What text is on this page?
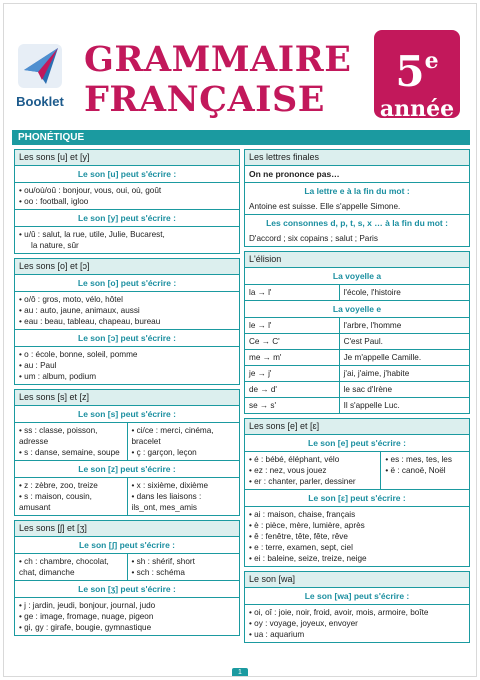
Booklet
GRAMMAIRE
FRANÇAISE
5e
année
PHONÉTIQUE
Les sons [u] et [y]
Le son [u] peut s'écrire :
• ou/où/oû : bonjour, vous, oui, où, goût
• oo : football, igloo
Le son [y] peut s'écrire :
• u/û : salut, la rue, utile, Julie, Bucarest,
la nature, sûr
Les sons [o] et [ɔ]
Le son [o] peut s'écrire :
• o/ô : gros, moto, vélo, hôtel
• au : auto, jaune, animaux, aussi
• eau : beau, tableau, chapeau, bureau
Le son [ɔ] peut s'écrire :
• o : école, bonne, soleil, pomme
• au : Paul
• um : album, podium
Les sons [s] et [z]
Le son [s] peut s'écrire :
• ss : classe, poisson, adresse
• s : danse, semaine, soupe
• ci/ce : merci, cinéma, bracelet
• ç : garçon, leçon
Le son [z] peut s'écrire :
• z : zèbre, zoo, treize
• s : maison, cousin, amusant
• x : sixième, dixième
• dans les liaisons :
ils_ont, mes_amis
Les sons [ʃ] et [ʒ]
Le son [ʃ] peut s'écrire :
• ch : chambre, chocolat, chat, dimanche
• sh : shérif, short
• sch : schéma
Le son [ʒ] peut s'écrire :
• j : jardin, jeudi, bonjour, journal, judo
• ge : image, fromage, nuage, pigeon
• gi, gy : girafe, bougie, gymnastique
Les lettres finales
On ne prononce pas…
La lettre e à la fin du mot :
Antoine est suisse. Elle s'appelle Simone.
Les consonnes d, p, t, s, x … à la fin du mot :
D'accord ; six copains ; salut ; Paris
L'élision
La voyelle a
la → l'	l'école, l'histoire
La voyelle e
le → l'	l'arbre, l'homme
Ce → C'	C'est Paul.
me → m'	Je m'appelle Camille.
je → j'	j'ai, j'aime, j'habite
de → d'	le sac d'Irène
se → s'	Il s'appelle Luc.
Les sons [e] et [ɛ]
Le son [e] peut s'écrire :
• é : bébé, éléphant, vélo
• ez : nez, vous jouez
• er : chanter, parler, dessiner
• es : mes, tes, les
• ë : canoë, Noël
Le son [ɛ] peut s'écrire :
• ai : maison, chaise, français
• è : pièce, mère, lumière, après
• ê : fenêtre, tête, fête, rêve
• e : terre, examen, sept, ciel
• ei : baleine, seize, treize, neige
Le son [wa]
Le son [wa] peut s'écrire :
• oi, oî : joie, noir, froid, avoir, mois, armoire, boîte
• oy : voyage, joyeux, envoyer
• ua : aquarium
1
